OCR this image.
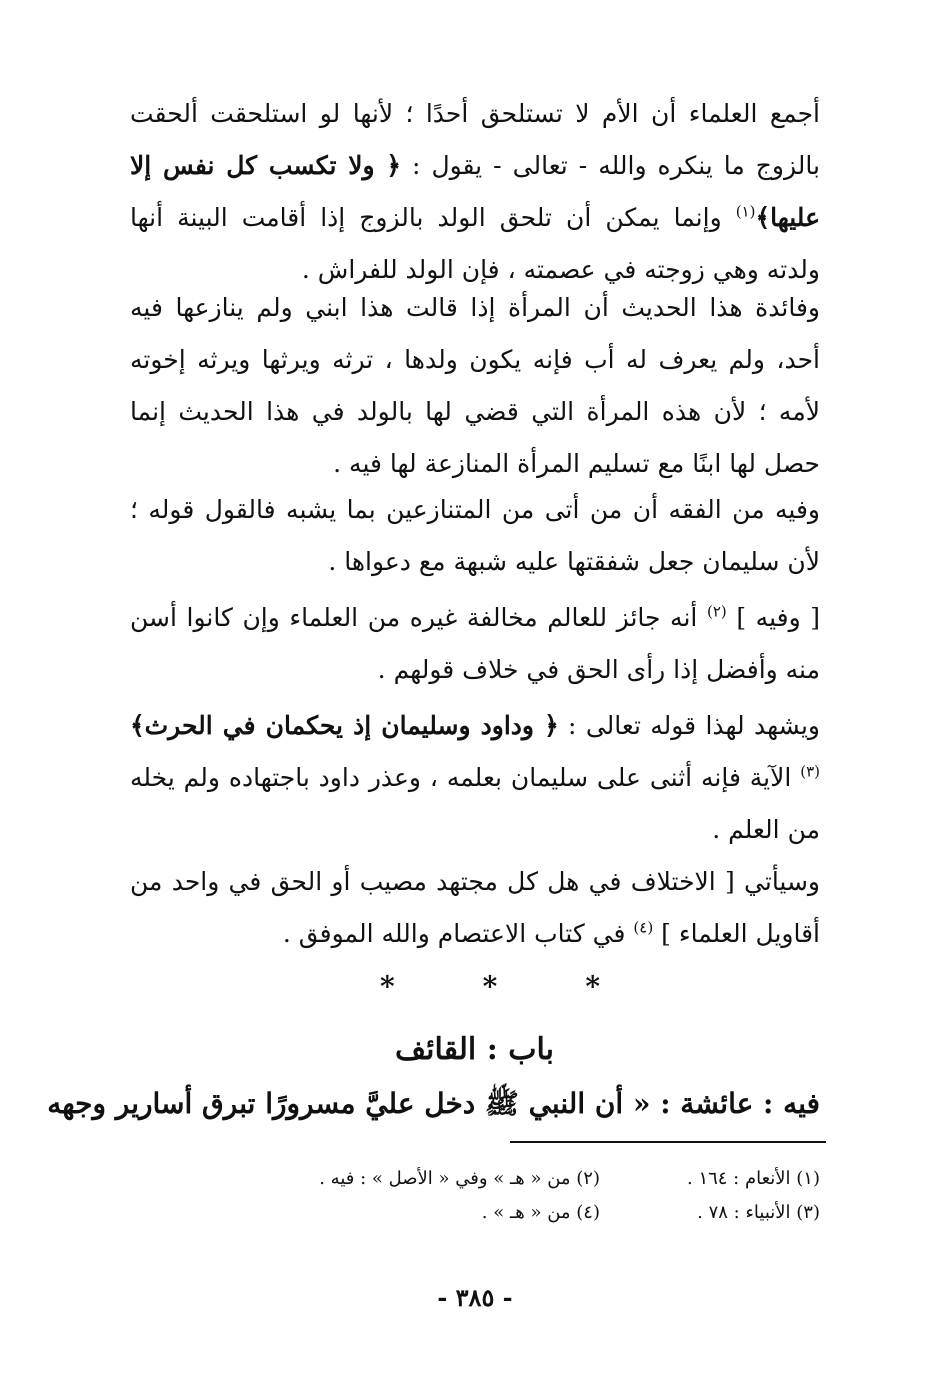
أجمع العلماء أن الأم لا تستلحق أحدًا ؛ لأنها لو استلحقت ألحقت بالزوج ما ينكره والله - تعالى - يقول : ﴿ ولا تكسب كل نفس إلا عليها﴾$^{(١)}$ وإنما يمكن أن تلحق الولد بالزوج إذا أقامت البينة أنها ولدته وهي زوجته في عصمته ، فإن الولد للفراش .
وفائدة هذا الحديث أن المرأة إذا قالت هذا ابني ولم ينازعها فيه أحد، ولم يعرف له أب فإنه يكون ولدها ، ترثه ويرثها ويرثه إخوته لأمه ؛ لأن هذه المرأة التي قضي لها بالولد في هذا الحديث إنما حصل لها ابنًا مع تسليم المرأة المنازعة لها فيه .
وفيه من الفقه أن من أتى من المتنازعين بما يشبه فالقول قوله ؛ لأن سليمان جعل شفقتها عليه شبهة مع دعواها .
[ وفيه ] $^{(٢)}$ أنه جائز للعالم مخالفة غيره من العلماء وإن كانوا أسن منه وأفضل إذا رأى الحق في خلاف قولهم .
ويشهد لهذا قوله تعالى : ﴿ وداود وسليمان إذ يحكمان في الحرث﴾$^{(٣)}$ الآية فإنه أثنى على سليمان بعلمه ، وعذر داود باجتهاده ولم يخله من العلم .
وسيأتي [ الاختلاف في هل كل مجتهد مصيب أو الحق في واحد من أقاويل العلماء ] $^{(٤)}$ في كتاب الاعتصام والله الموفق .
*
*
*
باب : القائف
فيه : عائشة : « أن النبي ﷺ دخل عليَّ مسرورًا تبرق أسارير وجهه
(١) الأنعام : ١٦٤ .
(٢) من « هـ » وفي « الأصل » : فيه .
(٣) الأنبياء : ٧٨ .
(٤) من « هـ » .
- ٣٨٥ -
